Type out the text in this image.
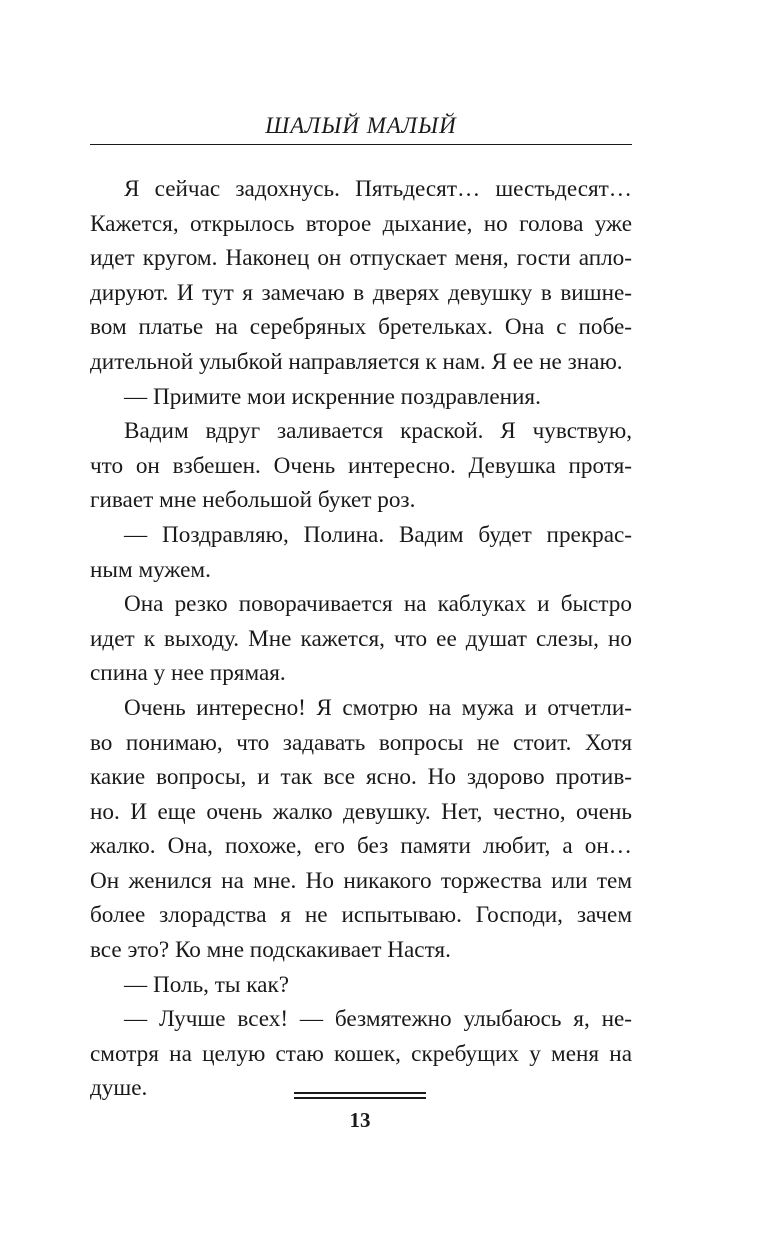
ШАЛЫЙ МАЛЫЙ
Я сейчас задохнусь. Пятьдесят… шестьдесят…
Кажется, открылось второе дыхание, но голова уже
идет кругом. Наконец он отпускает меня, гости апло-
дируют. И тут я замечаю в дверях девушку в вишне-
вом платье на серебряных бретельках. Она с побе-
дительной улыбкой направляется к нам. Я ее не знаю.
— Примите мои искренние поздравления.
Вадим вдруг заливается краской. Я чувствую,
что он взбешен. Очень интересно. Девушка протя-
гивает мне небольшой букет роз.
— Поздравляю, Полина. Вадим будет прекрас-
ным мужем.
Она резко поворачивается на каблуках и быстро
идет к выходу. Мне кажется, что ее душат слезы, но
спина у нее прямая.
Очень интересно! Я смотрю на мужа и отчетли-
во понимаю, что задавать вопросы не стоит. Хотя
какие вопросы, и так все ясно. Но здорово против-
но. И еще очень жалко девушку. Нет, честно, очень
жалко. Она, похоже, его без памяти любит, а он…
Он женился на мне. Но никакого торжества или тем
более злорадства я не испытываю. Господи, зачем
все это? Ко мне подскакивает Настя.
— Поль, ты как?
— Лучше всех! — безмятежно улыбаюсь я, не-
смотря на целую стаю кошек, скребущих у меня на
душе.
13
